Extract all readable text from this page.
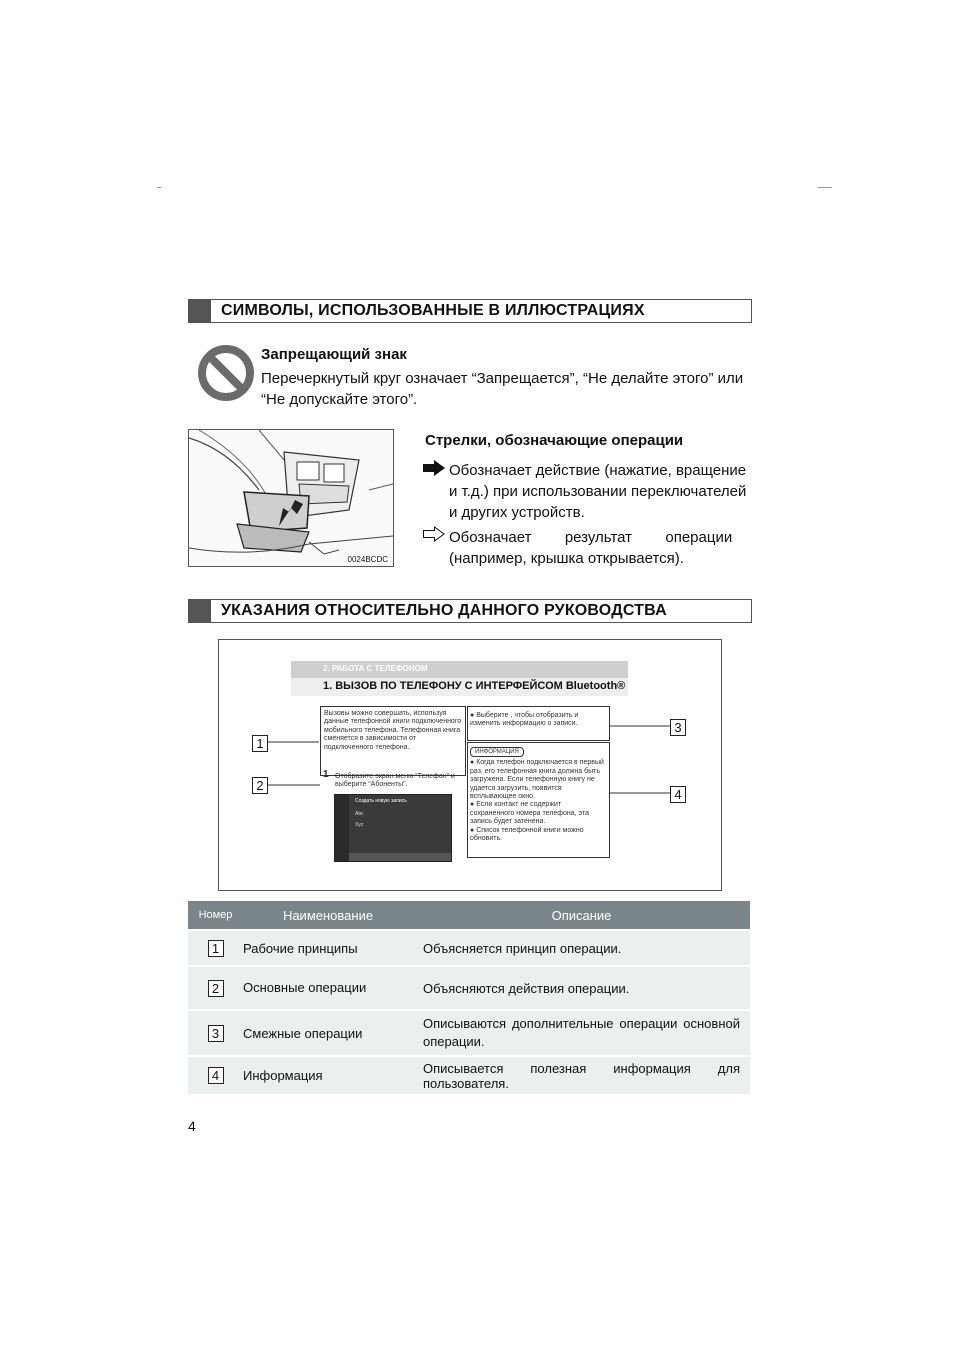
СИМВОЛЫ, ИСПОЛЬЗОВАННЫЕ В ИЛЛЮСТРАЦИЯХ
Запрещающий знак
Перечеркнутый круг означает “Запрещается”, “Не делайте этого” или
“Не допускайте этого”.
0024BCDC
Стрелки, обозначающие операции
Обозначает действие (нажатие, вращение
и т.д.) при использовании переключателей
и других устройств.
Обозначает        результат        операции
(например, крышка открывается).
УКАЗАНИЯ ОТНОСИТЕЛЬНО ДАННОГО РУКОВОДСТВА
1
2
3
4
2. РАБОТА С ТЕЛЕФОНОМ
1. ВЫЗОВ ПО ТЕЛЕФОНУ С ИНТЕРФЕЙСОМ Bluetooth®
Вызовы можно совершать, используя данные телефонной книги подключенного мобильного телефона. Телефонная книга сменяется в зависимости от подключенного телефона.
1 Отобразите экран меню “Телефон” и выберите “Абоненты”.
Создать новую запись
Abc
Xyz
● Выберите , чтобы отобразить и изменить информацию о записи.
ИНФОРМАЦИЯ
● Когда телефон подключается в первый раз, его телефонная книга должна быть загружена. Если телефонную книгу не удается загрузить, появится всплывающее окно.
● Если контакт не содержит сохраненного номера телефона, эта запись будет затенена.
● Список телефонной книги можно обновить.
Номер	Наименование	Описание
1	Рабочие принципы	Объясняется принцип операции.
2	Основные операции	Объясняются действия операции.
3	Смежные операции	Описываются дополнительные операции основной операции.
4	Информация	Описывается полезная информация для пользователя.
4
